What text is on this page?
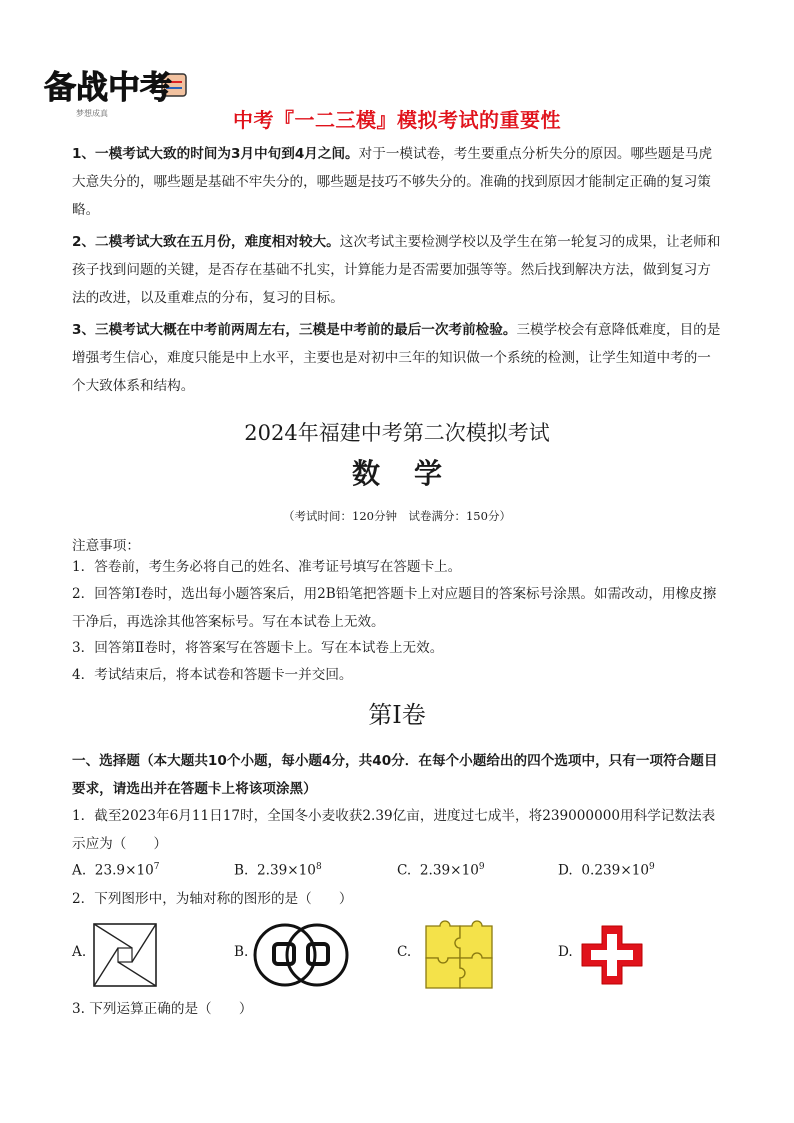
备战中考
梦想成真	中考『一二三模』模拟考试的重要性
1、一模考试大致的时间为3月中旬到4月之间。对于一模试卷，考生要重点分析失分的原因。哪些题是马虎大意失分的，哪些题是基础不牢失分的，哪些题是技巧不够失分的。准确的找到原因才能制定正确的复习策略。
2、二模考试大致在五月份，难度相对较大。这次考试主要检测学校以及学生在第一轮复习的成果，让老师和孩子找到问题的关键，是否存在基础不扎实，计算能力是否需要加强等等。然后找到解决方法，做到复习方法的改进，以及重难点的分布，复习的目标。
3、三模考试大概在中考前两周左右，三模是中考前的最后一次考前检验。三模学校会有意降低难度，目的是增强考生信心，难度只能是中上水平，主要也是对初中三年的知识做一个系统的检测，让学生知道中考的一个大致体系和结构。
2024年福建中考第二次模拟考试
数学
（考试时间：120分钟　试卷满分：150分）
注意事项：
1．答卷前，考生务必将自己的姓名、准考证号填写在答题卡上。
2．回答第Ⅰ卷时，选出每小题答案后，用2B铅笔把答题卡上对应题目的答案标号涂黑。如需改动，用橡皮擦干净后，再选涂其他答案标号。写在本试卷上无效。
3．回答第Ⅱ卷时，将答案写在答题卡上。写在本试卷上无效。
4．考试结束后，将本试卷和答题卡一并交回。
第Ⅰ卷
一、选择题（本大题共10个小题，每小题4分，共40分．在每个小题给出的四个选项中，只有一项符合题目要求，请选出并在答题卡上将该项涂黑）
1．截至2023年6月11日17时，全国冬小麦收获2.39亿亩，进度过七成半，将239000000用科学记数法表示应为（　　）
A. $23.9\times 10^7$	B. $2.39\times 10^8$	C. $2.39\times 10^9$	D. $0.239\times 10^9$
2．下列图形中，为轴对称的图形的是（　　）
A.	B.	C.	D.
3. 下列运算正确的是（　　）
